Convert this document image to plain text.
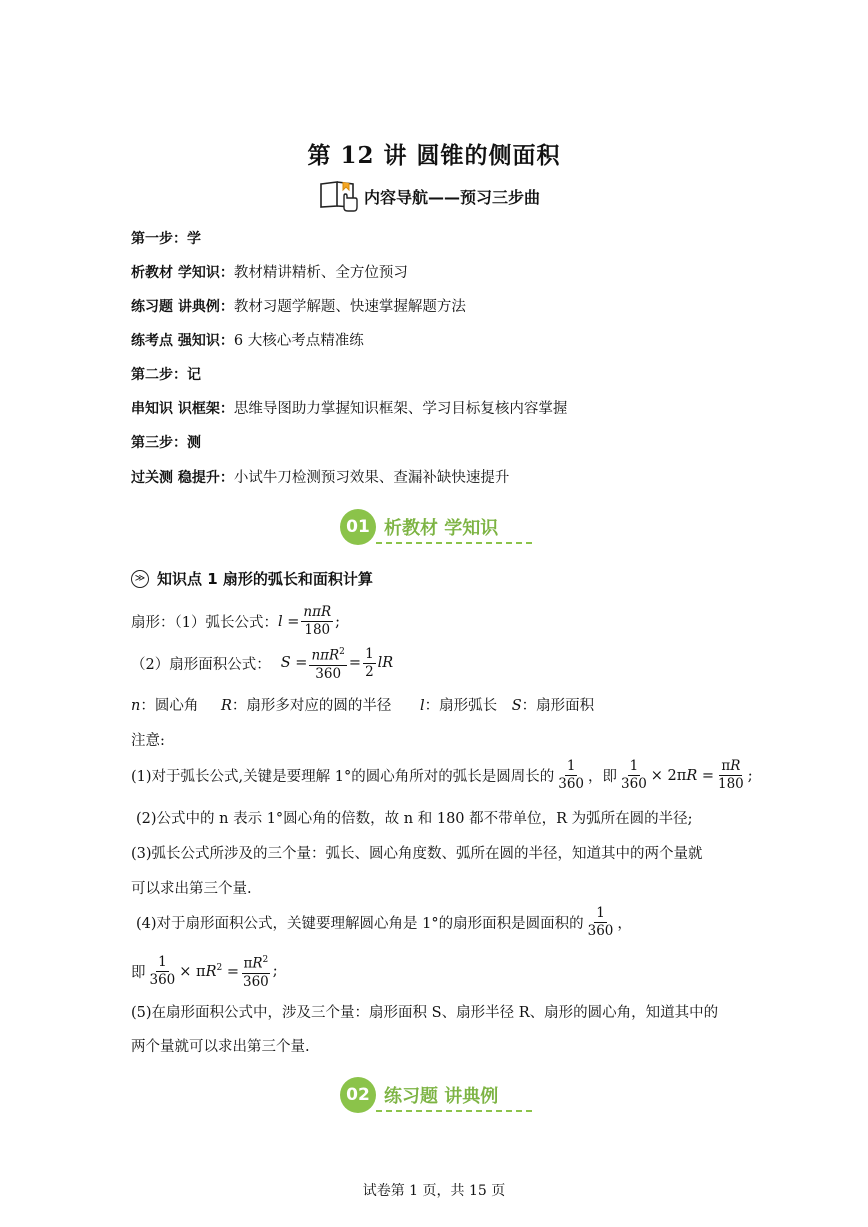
第 12 讲 圆锥的侧面积
内容导航——预习三步曲
第一步：学
析教材 学知识：教材精讲精析、全方位预习
练习题 讲典例：教材习题学解题、快速掌握解题方法
练考点 强知识：6 大核心考点精准练
第二步：记
串知识 识框架：思维导图助力掌握知识框架、学习目标复核内容掌握
第三步：测
过关测 稳提升：小试牛刀检测预习效果、查漏补缺快速提升
01 析教材 学知识
≫ 知识点 1 扇形的弧长和面积计算
扇形：（1）弧长公式： $l = \frac{\text{nπR}}{180}$ ;
（2）扇形面积公式： $S = \frac{n\pi R^2}{360} = \frac{1}{2}$ lR
n：圆心角 R：扇形多对应的圆的半径 l：扇形弧长 S：扇形面积
注意:
(1)对于弧长公式,关键是要理解 1°的圆心角所对的弧长是圆周长的 $\frac{1}{360}$ ，即 $\frac{1}{360} \times 2\pi R = \frac{\pi R}{180}$ ;
(2)公式中的 n 表示 1°圆心角的倍数，故 n 和 180 都不带单位，R 为弧所在圆的半径;
(3)弧长公式所涉及的三个量：弧长、圆心角度数、弧所在圆的半径，知道其中的两个量就
可以求出第三个量.
(4)对于扇形面积公式，关键要理解圆心角是 1°的扇形面积是圆面积的 $\frac{1}{360}$ ，
即 $\frac{1}{360} \times \pi R^2 = \frac{\pi R^2}{360}$ ;
(5)在扇形面积公式中，涉及三个量：扇形面积 S、扇形半径 R、扇形的圆心角，知道其中的
两个量就可以求出第三个量.
02 练习题 讲典例
试卷第 1 页，共 15 页
